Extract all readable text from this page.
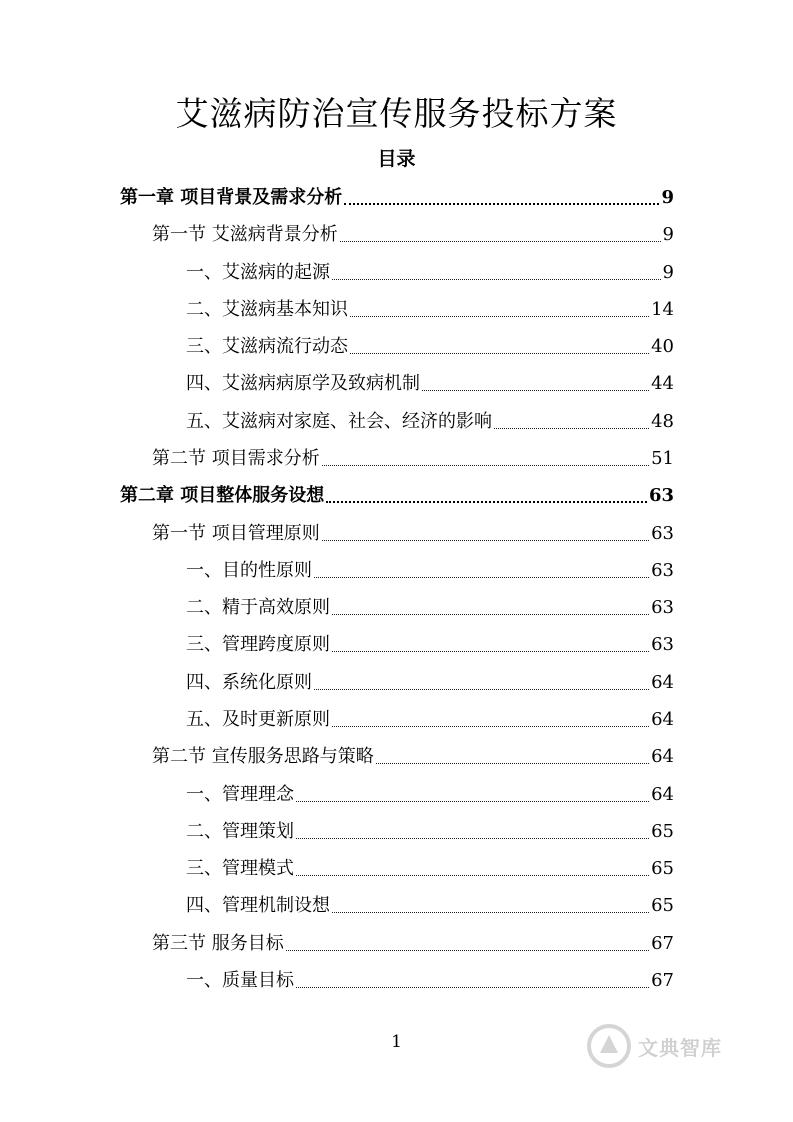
艾滋病防治宣传服务投标方案
目录
第一章 项目背景及需求分析	9
第一节 艾滋病背景分析	9
一、艾滋病的起源	9
二、艾滋病基本知识	14
三、艾滋病流行动态	40
四、艾滋病病原学及致病机制	44
五、艾滋病对家庭、社会、经济的影响	48
第二节 项目需求分析	51
第二章 项目整体服务设想	63
第一节 项目管理原则	63
一、目的性原则	63
二、精于高效原则	63
三、管理跨度原则	63
四、系统化原则	64
五、及时更新原则	64
第二节 宣传服务思路与策略	64
一、管理理念	64
二、管理策划	65
三、管理模式	65
四、管理机制设想	65
第三节 服务目标	67
一、质量目标	67
1	文典智库
